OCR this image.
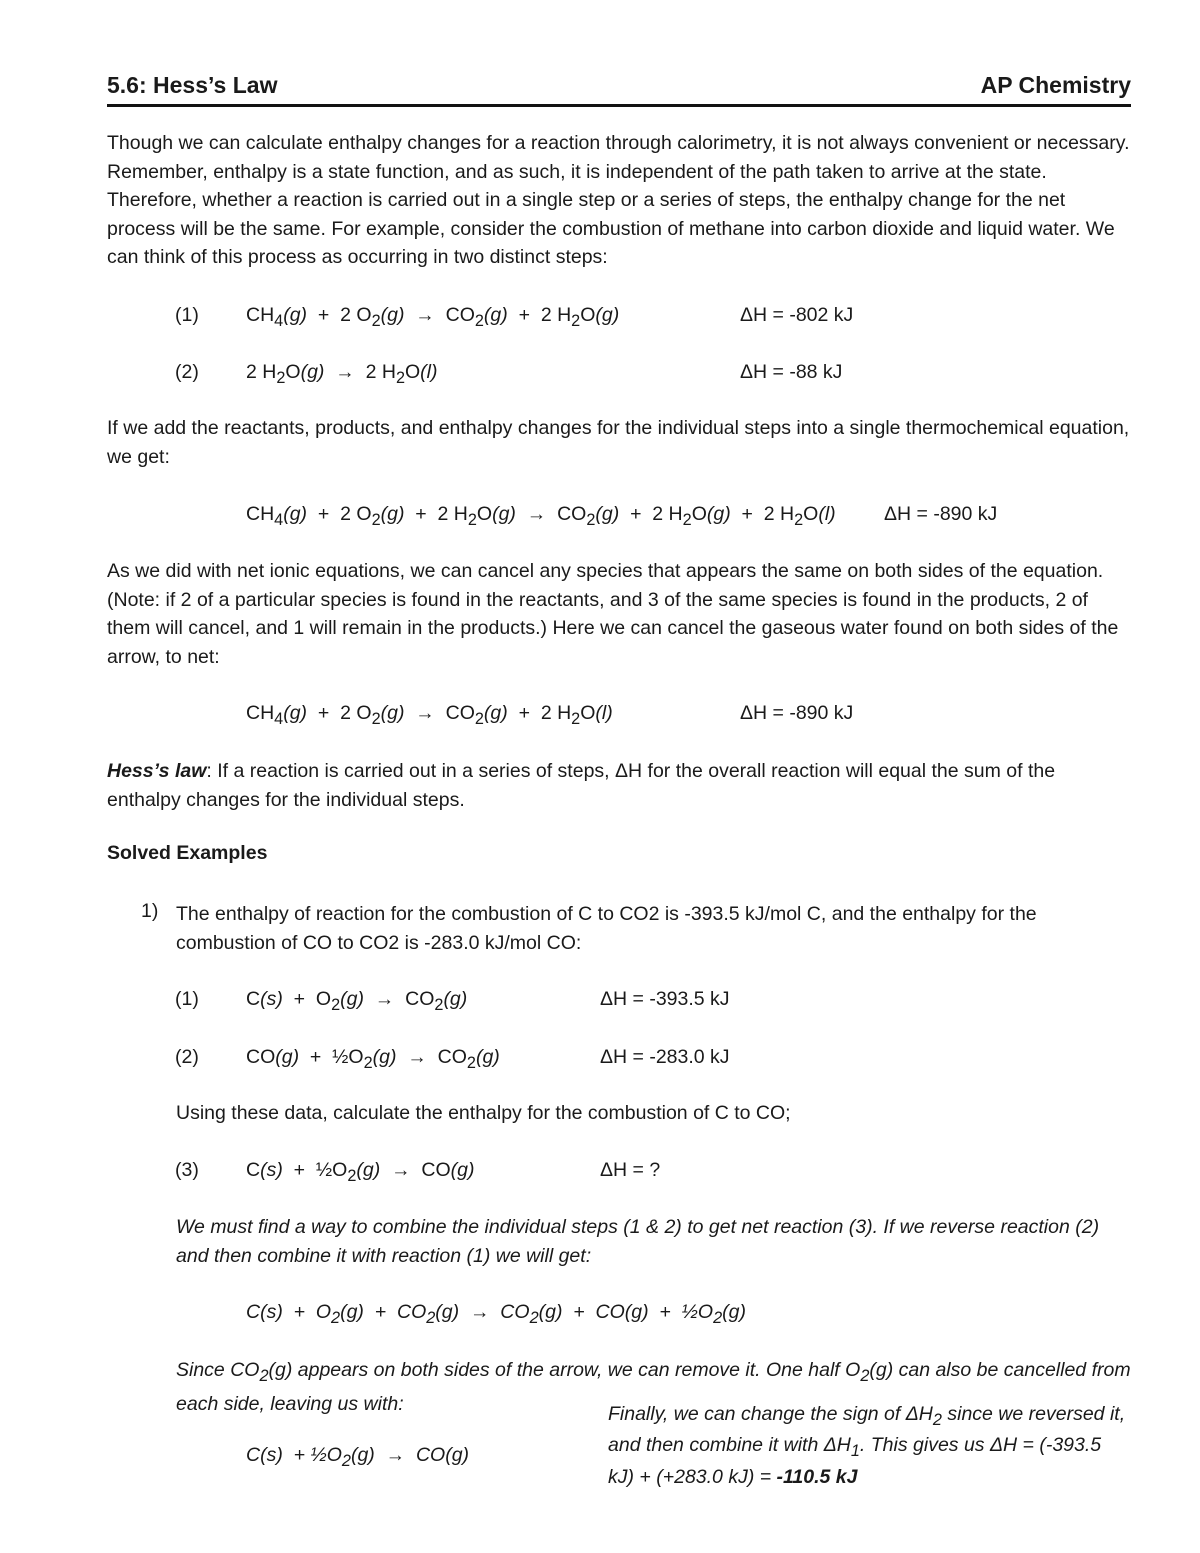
5.6: Hess’s Law	AP Chemistry
Though we can calculate enthalpy changes for a reaction through calorimetry, it is not always convenient or necessary. Remember, enthalpy is a state function, and as such, it is independent of the path taken to arrive at the state. Therefore, whether a reaction is carried out in a single step or a series of steps, the enthalpy change for the net process will be the same. For example, consider the combustion of methane into carbon dioxide and liquid water. We can think of this process as occurring in two distinct steps:
(1) $CH_4(g) + 2$ $O_2(g) \to CO_2(g) + 2$ $H_2O(g)$	ΔH = -802 kJ
(2) 2 $H_2O(g) \to 2$ $H_2O(l)$	ΔH = -88 kJ
If we add the reactants, products, and enthalpy changes for the individual steps into a single thermochemical equation, we get:
$CH_4(g) + 2$ $O_2(g) + 2$ $H_2O(g) \to CO_2(g) + 2$ $H_2O(g) + 2$ $H_2O(l) \Delta H = -890$ kJ
As we did with net ionic equations, we can cancel any species that appears the same on both sides of the equation. (Note: if 2 of a particular species is found in the reactants, and 3 of the same species is found in the products, 2 of them will cancel, and 1 will remain in the products.) Here we can cancel the gaseous water found on both sides of the arrow, to net:
$CH_4(g) + 2$ $O_2(g) \to CO_2(g) + 2$ $H_2O(l)$	ΔH = -890 kJ
Hess’s law: If a reaction is carried out in a series of steps, ΔH for the overall reaction will equal the sum of the enthalpy changes for the individual steps.
Solved Examples
1) The enthalpy of reaction for the combustion of C to CO2 is -393.5 kJ/mol C, and the enthalpy for the combustion of CO to CO2 is -283.0 kJ/mol CO:
(1) $C(s) + O_2(g) \to CO_2(g)$	ΔH = -393.5 kJ
(2) $CO(g) + \frac{1}{2}O_2(g) \to CO_2(g)$	ΔH = -283.0 kJ
Using these data, calculate the enthalpy for the combustion of C to CO;
(3) $C(s) + \frac{1}{2}O_2(g) \to CO(g)$	ΔH = ?
We must find a way to combine the individual steps (1 & 2) to get net reaction (3). If we reverse reaction (2) and then combine it with reaction (1) we will get:
$C(s) + O_2(g) + CO_2(g) \to CO_2(g) + CO(g)$  +  $\frac{1}{2}O_2(g)$
Since $CO_2(g)$ appears on both sides of the arrow, we can remove it. One half $O_2(g)$ can also be cancelled from each side, leaving us with:
$C(s) + \frac{1}{2}O_2(g) \to CO(g)$
Finally, we can change the sign of $\Delta H_2$ since we reversed it, and then combine it with $\Delta H_1$. This gives us ΔH = (-393.5 kJ) + (+283.0 kJ) = -110.5 kJ
